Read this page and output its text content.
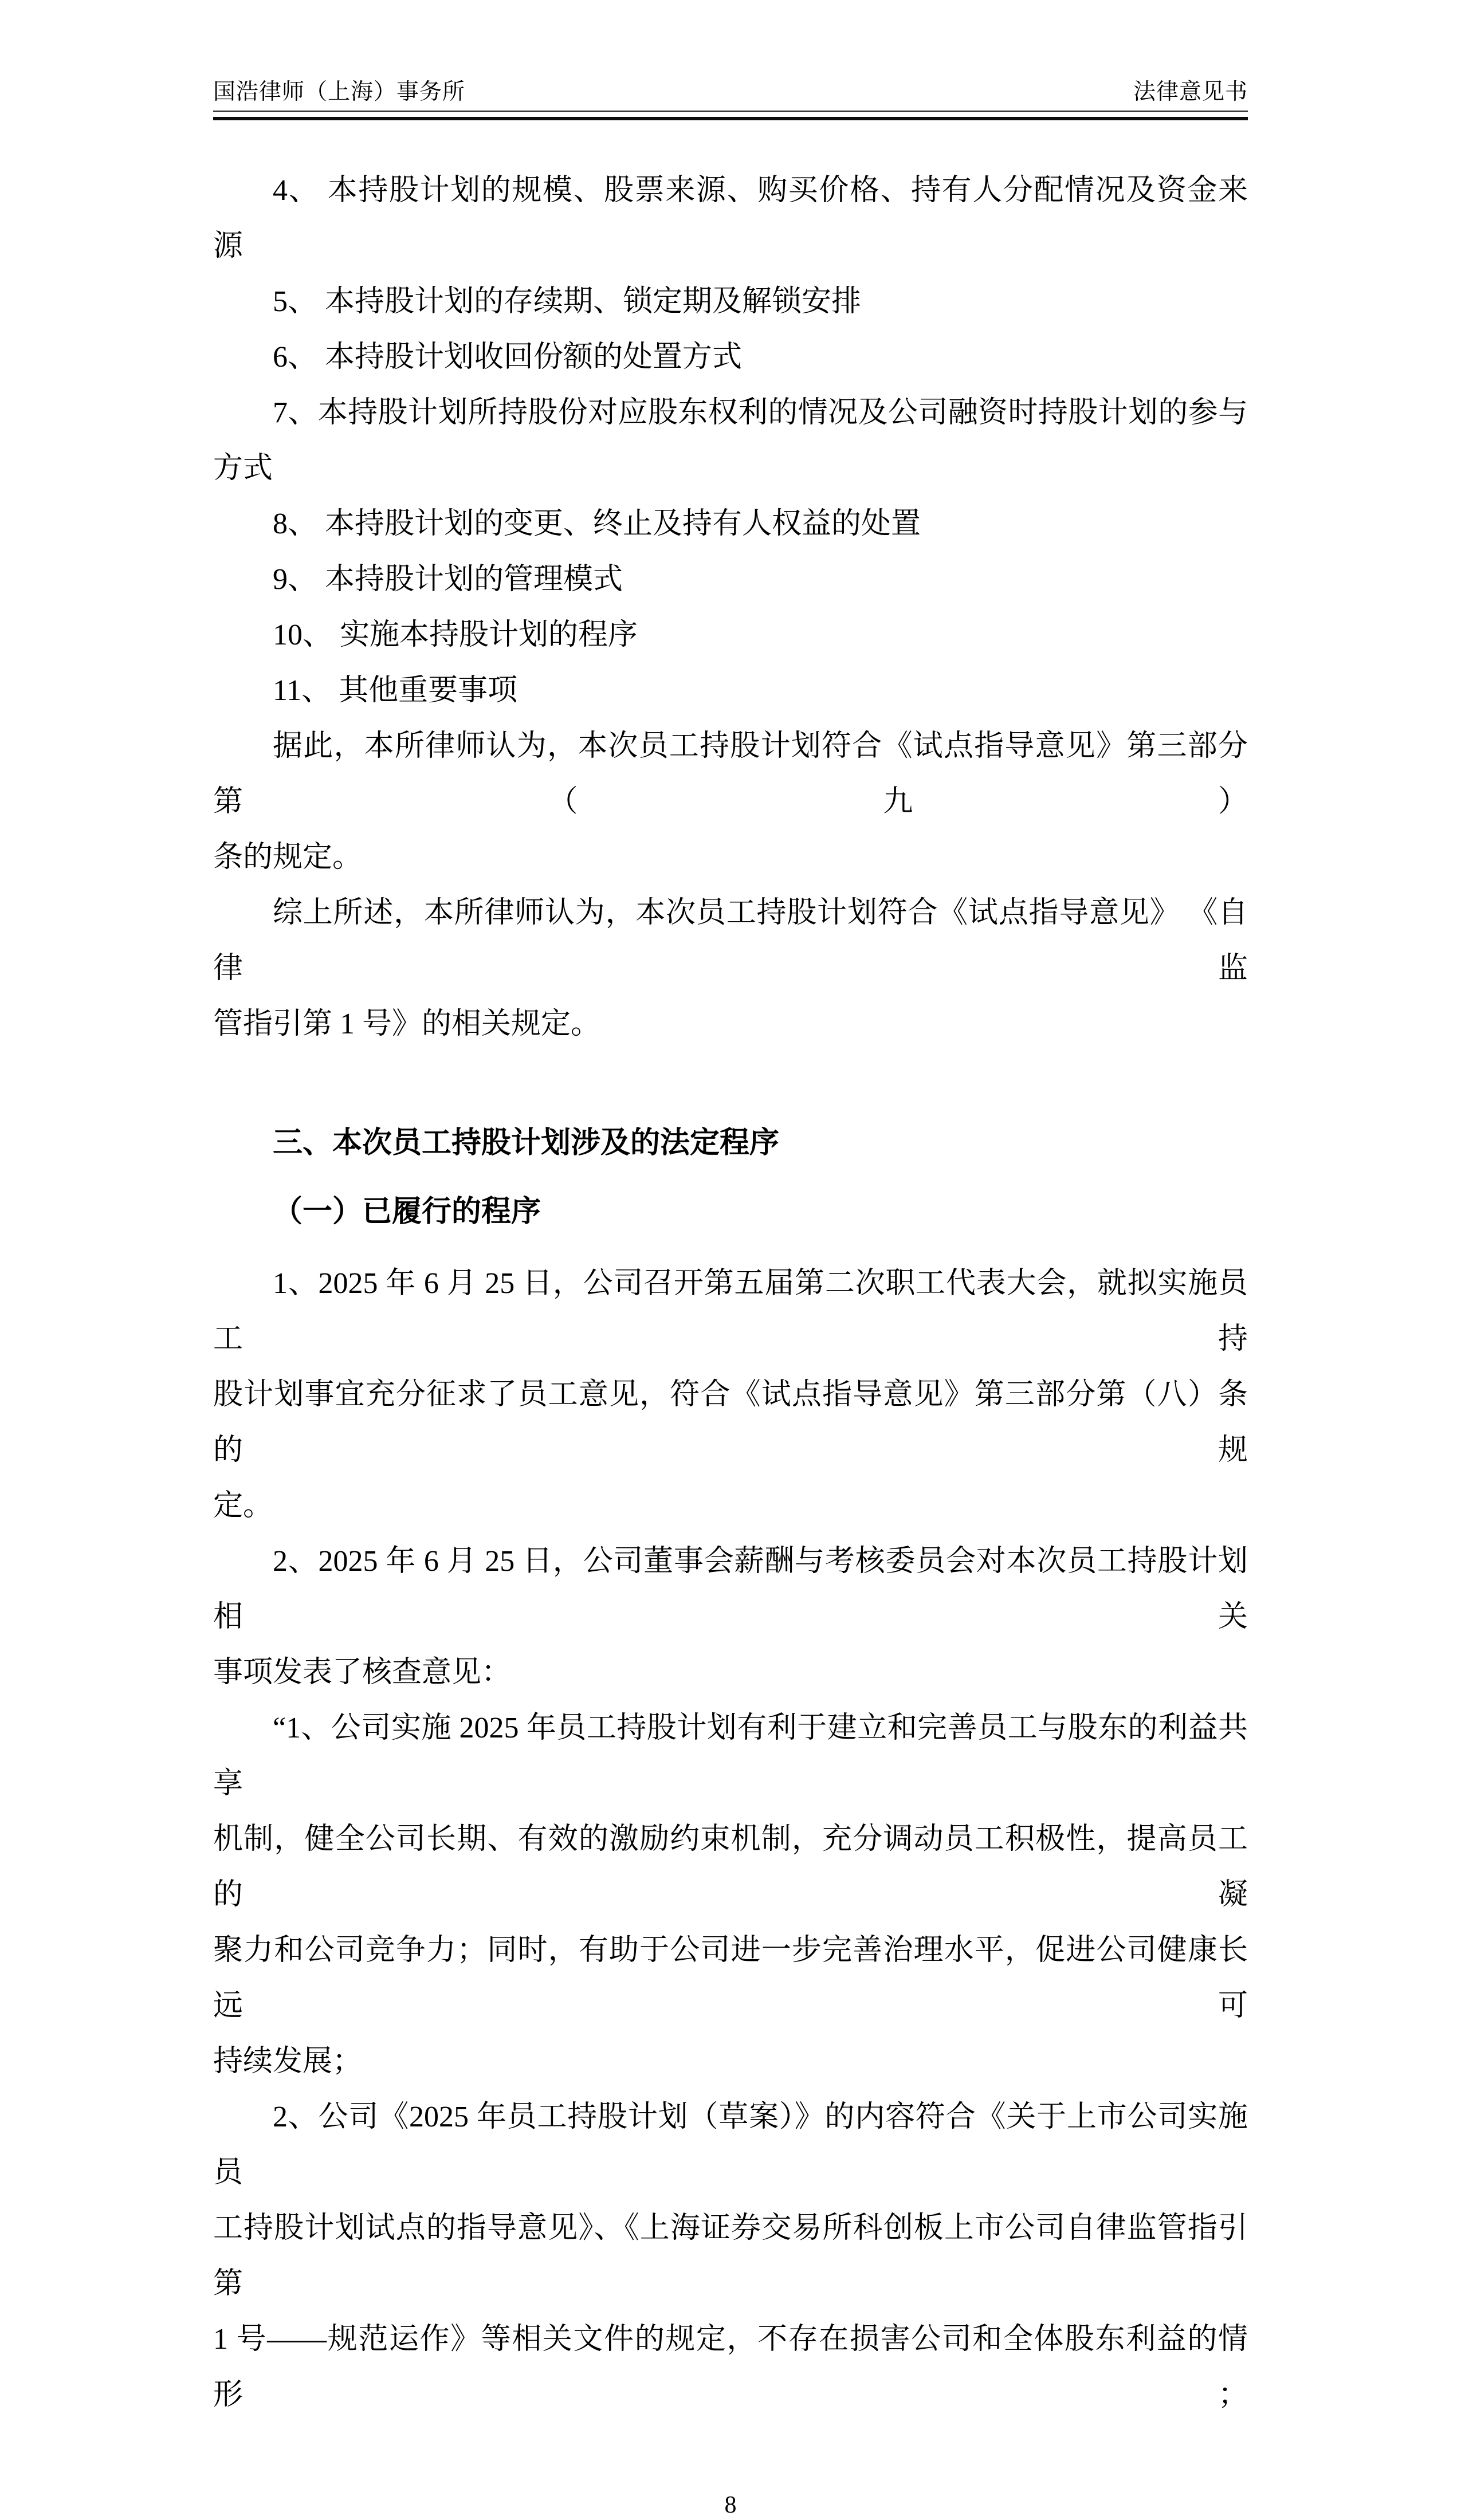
国浩律师（上海）事务所	法律意见书
4、 本持股计划的规模、股票来源、购买价格、持有人分配情况及资金来源
5、 本持股计划的存续期、锁定期及解锁安排
6、 本持股计划收回份额的处置方式
7、本持股计划所持股份对应股东权利的情况及公司融资时持股计划的参与方式
8、 本持股计划的变更、终止及持有人权益的处置
9、 本持股计划的管理模式
10、 实施本持股计划的程序
11、 其他重要事项
据此，本所律师认为，本次员工持股计划符合《试点指导意见》第三部分第（九）
条的规定。
综上所述，本所律师认为，本次员工持股计划符合《试点指导意见》 《自律监
管指引第 1 号》的相关规定。
三、本次员工持股计划涉及的法定程序
（一）已履行的程序
1、2025 年 6 月 25 日，公司召开第五届第二次职工代表大会，就拟实施员工持
股计划事宜充分征求了员工意见，符合《试点指导意见》第三部分第（八）条的规
定。
2、2025 年 6 月 25 日，公司董事会薪酬与考核委员会对本次员工持股计划相关
事项发表了核查意见：
“1、公司实施 2025 年员工持股计划有利于建立和完善员工与股东的利益共享
机制，健全公司长期、有效的激励约束机制，充分调动员工积极性，提高员工的凝
聚力和公司竞争力；同时，有助于公司进一步完善治理水平，促进公司健康长远可
持续发展；
2、公司《2025 年员工持股计划（草案）》的内容符合《关于上市公司实施员
工持股计划试点的指导意见》、《上海证券交易所科创板上市公司自律监管指引第
1 号——规范运作》等相关文件的规定，不存在损害公司和全体股东利益的情形；
8
